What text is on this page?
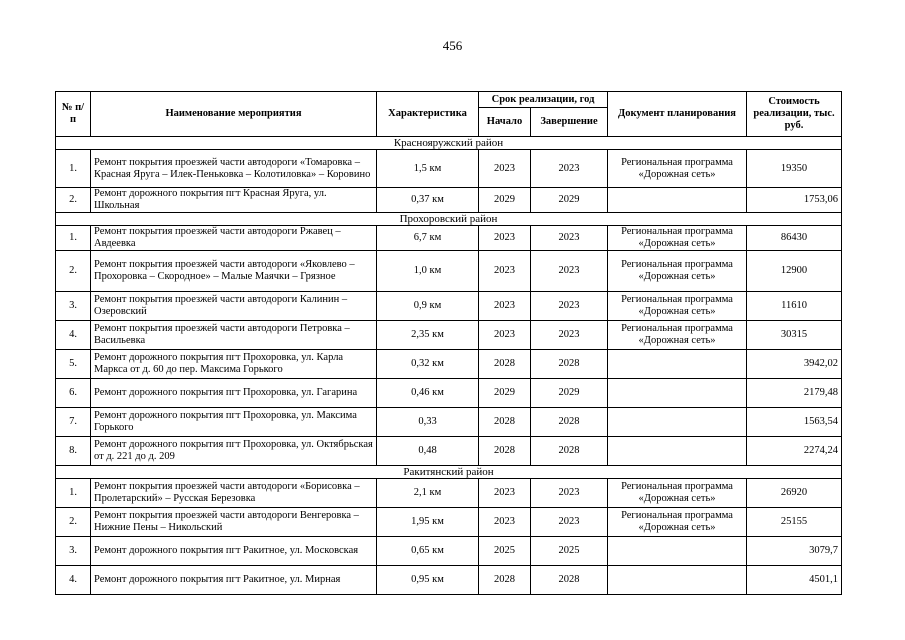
456
№ п/п	Наименование мероприятия	Характеристика	Срок реализации, год		Документ планирования	Стоимость реализации, тыс. руб.
			Начало	Завершение		
Краснояружский район						
1.	Ремонт покрытия проезжей части автодороги «Томаровка – Красная Яруга – Илек-Пеньковка – Колотиловка» – Коровино	1,5 км	2023	2023	Региональная программа «Дорожная сеть»	19350
2.	Ремонт дорожного покрытия пгт Красная Яруга, ул. Школьная	0,37 км	2029	2029		1753,06
Прохоровский район						
1.	Ремонт покрытия проезжей части автодороги Ржавец – Авдеевка	6,7 км	2023	2023	Региональная программа «Дорожная сеть»	86430
2.	Ремонт покрытия проезжей части автодороги «Яковлево – Прохоровка – Скородное» – Малые Маячки – Грязное	1,0 км	2023	2023	Региональная программа «Дорожная сеть»	12900
3.	Ремонт покрытия проезжей части автодороги Калинин – Озеровский	0,9 км	2023	2023	Региональная программа «Дорожная сеть»	11610
4.	Ремонт покрытия проезжей части автодороги Петровка – Васильевка	2,35 км	2023	2023	Региональная программа «Дорожная сеть»	30315
5.	Ремонт дорожного покрытия пгт Прохоровка, ул. Карла Маркса от д. 60 до пер. Максима Горького	0,32 км	2028	2028		3942,02
6.	Ремонт дорожного покрытия пгт Прохоровка, ул. Гагарина	0,46 км	2029	2029		2179,48
7.	Ремонт дорожного покрытия пгт Прохоровка, ул. Максима Горького	0,33	2028	2028		1563,54
8.	Ремонт дорожного покрытия пгт Прохоровка, ул. Октябрьская от д. 221 до д. 209	0,48	2028	2028		2274,24
Ракитянский район						
1.	Ремонт покрытия проезжей части автодороги «Борисовка – Пролетарский» – Русская Березовка	2,1 км	2023	2023	Региональная программа «Дорожная сеть»	26920
2.	Ремонт покрытия проезжей части автодороги Венгеровка – Нижние Пены – Никольский	1,95 км	2023	2023	Региональная программа «Дорожная сеть»	25155
3.	Ремонт дорожного покрытия пгт Ракитное, ул. Московская	0,65 км	2025	2025		3079,7
4.	Ремонт дорожного покрытия пгт Ракитное, ул. Мирная	0,95 км	2028	2028		4501,1
